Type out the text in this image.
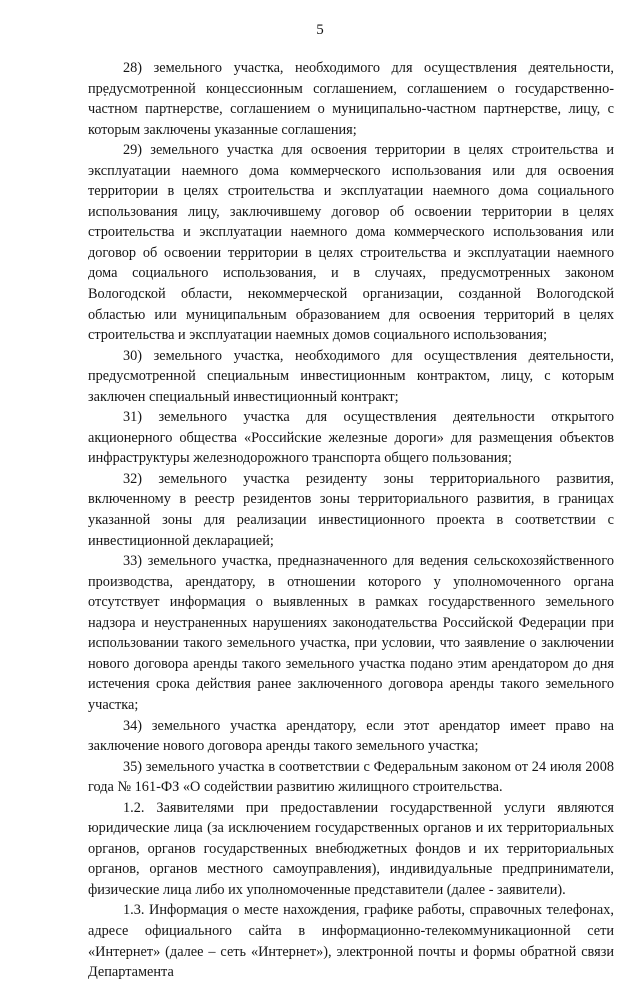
5

28) земельного участка, необходимого для осуществления деятельности, предусмотренной концессионным соглашением, соглашением о государственно-частном партнерстве, соглашением о муниципально-частном партнерстве, лицу, с которым заключены указанные соглашения;

29) земельного участка для освоения территории в целях строительства и эксплуатации наемного дома коммерческого использования или для освоения территории в целях строительства и эксплуатации наемного дома социального использования лицу, заключившему договор об освоении территории в целях строительства и эксплуатации наемного дома коммерческого использования или договор об освоении территории в целях строительства и эксплуатации наемного дома социального использования, и в случаях, предусмотренных законом Вологодской области, некоммерческой организации, созданной Вологодской областью или муниципальным образованием для освоения территорий в целях строительства и эксплуатации наемных домов социального использования;

30) земельного участка, необходимого для осуществления деятельности, предусмотренной специальным инвестиционным контрактом, лицу, с которым заключен специальный инвестиционный контракт;

31) земельного участка для осуществления деятельности открытого акционерного общества «Российские железные дороги» для размещения объектов инфраструктуры железнодорожного транспорта общего пользования;

32) земельного участка резиденту зоны территориального развития, включенному в реестр резидентов зоны территориального развития, в границах указанной зоны для реализации инвестиционного проекта в соответствии с инвестиционной декларацией;

33) земельного участка, предназначенного для ведения сельскохозяйственного производства, арендатору, в отношении которого у уполномоченного органа отсутствует информация о выявленных в рамках государственного земельного надзора и неустраненных нарушениях законодательства Российской Федерации при использовании такого земельного участка, при условии, что заявление о заключении нового договора аренды такого земельного участка подано этим арендатором до дня истечения срока действия ранее заключенного договора аренды такого земельного участка;

34) земельного участка арендатору, если этот арендатор имеет право на заключение нового договора аренды такого земельного участка;

35) земельного участка в соответствии с Федеральным законом от 24 июля 2008 года № 161-ФЗ «О содействии развитию жилищного строительства.

1.2. Заявителями при предоставлении государственной услуги являются юридические лица (за исключением государственных органов и их территориальных органов, органов государственных внебюджетных фондов и их территориальных органов, органов местного самоуправления), индивидуальные предприниматели, физические лица либо их уполномоченные представители (далее - заявители).

1.3. Информация о месте нахождения, графике работы, справочных телефонах, адресе официального сайта в информационно-телекоммуникационной сети «Интернет» (далее – сеть «Интернет»), электронной почты и формы обратной связи Департамента
